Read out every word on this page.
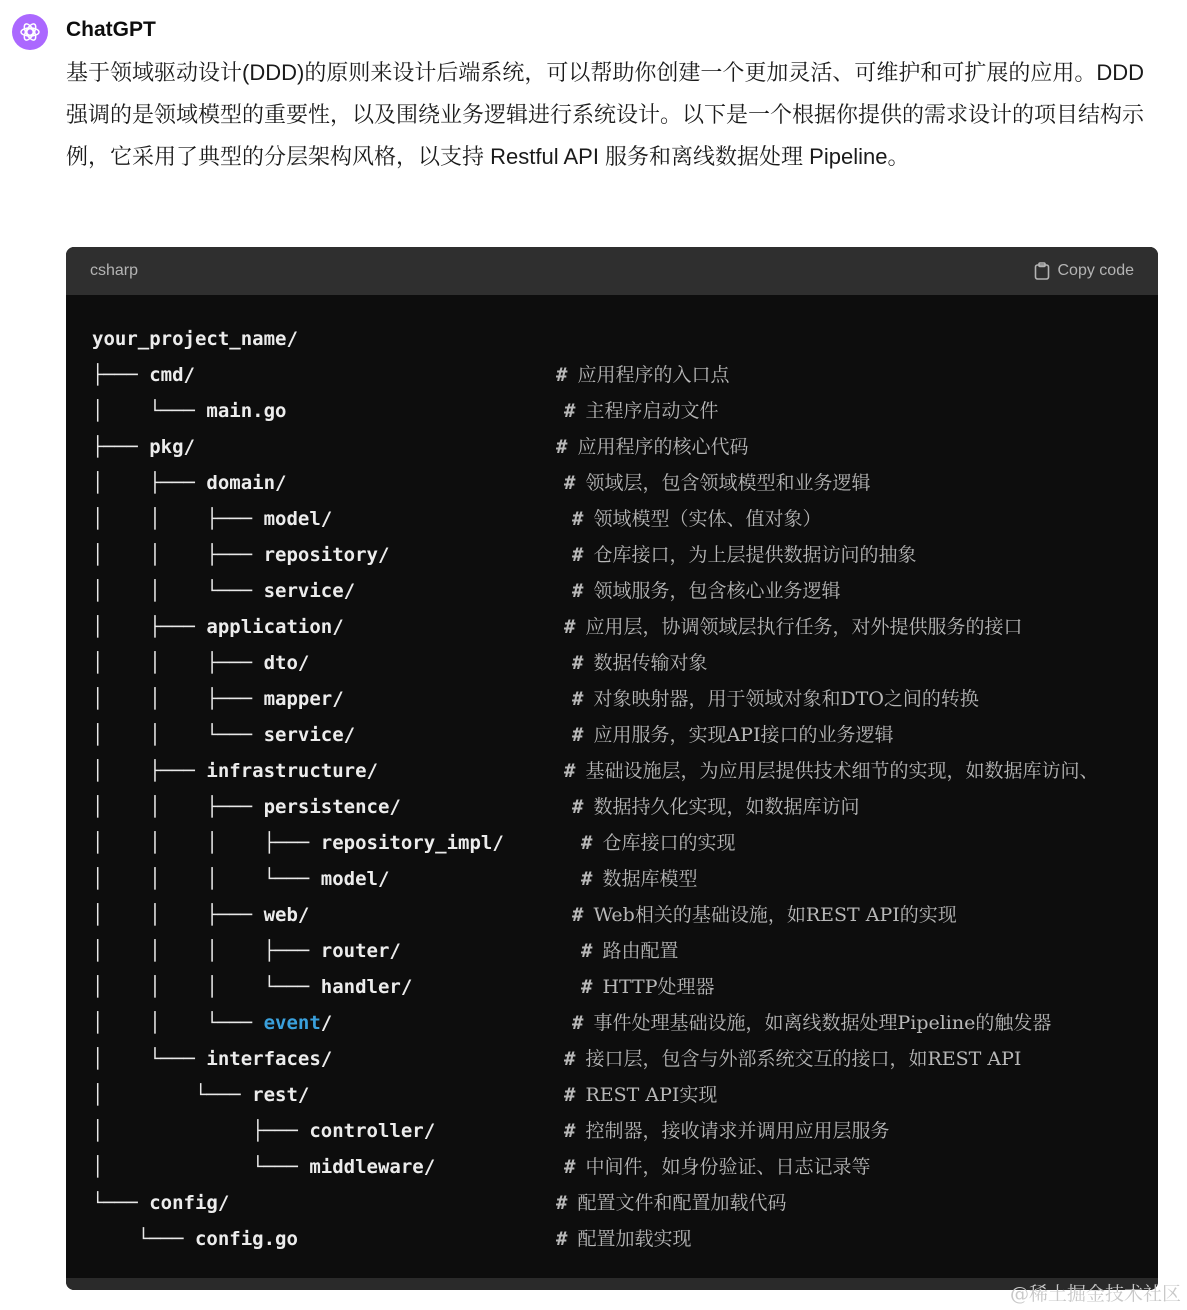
ChatGPT
基于领域驱动设计(DDD)的原则来设计后端系统，可以帮助你创建一个更加灵活、可维护和可扩展的应用。DDD 强调的是领域模型的重要性，以及围绕业务逻辑进行系统设计。以下是一个根据你提供的需求设计的项目结构示例，它采用了典型的分层架构风格，以支持 Restful API 服务和离线数据处理 Pipeline。
csharp	Copy code
your_project_name/
├─── cmd/	# 应用程序的入口点
│    └─── main.go	# 主程序启动文件
├─── pkg/	# 应用程序的核心代码
│    ├─── domain/	# 领域层，包含领域模型和业务逻辑
│    │    ├─── model/	# 领域模型（实体、值对象）
│    │    ├─── repository/	# 仓库接口，为上层提供数据访问的抽象
│    │    └─── service/	# 领域服务，包含核心业务逻辑
│    ├─── application/	# 应用层，协调领域层执行任务，对外提供服务的接口
│    │    ├─── dto/	# 数据传输对象
│    │    ├─── mapper/	# 对象映射器，用于领域对象和DTO之间的转换
│    │    └─── service/	# 应用服务，实现API接口的业务逻辑
│    ├─── infrastructure/	# 基础设施层，为应用层提供技术细节的实现，如数据库访问、
│    │    ├─── persistence/	# 数据持久化实现，如数据库访问
│    │    │    ├─── repository_impl/	# 仓库接口的实现
│    │    │    └─── model/	# 数据库模型
│    │    ├─── web/	# Web相关的基础设施，如REST API的实现
│    │    │    ├─── router/	# 路由配置
│    │    │    └─── handler/	# HTTP处理器
│    │    └─── event/	# 事件处理基础设施，如离线数据处理Pipeline的触发器
│    └─── interfaces/	# 接口层，包含与外部系统交互的接口，如REST API
│        └─── rest/	# REST API实现
│             ├─── controller/	# 控制器，接收请求并调用应用层服务
│             └─── middleware/	# 中间件，如身份验证、日志记录等
└─── config/	# 配置文件和配置加载代码
└─── config.go	# 配置加载实现
@稀土掘金技术社区
